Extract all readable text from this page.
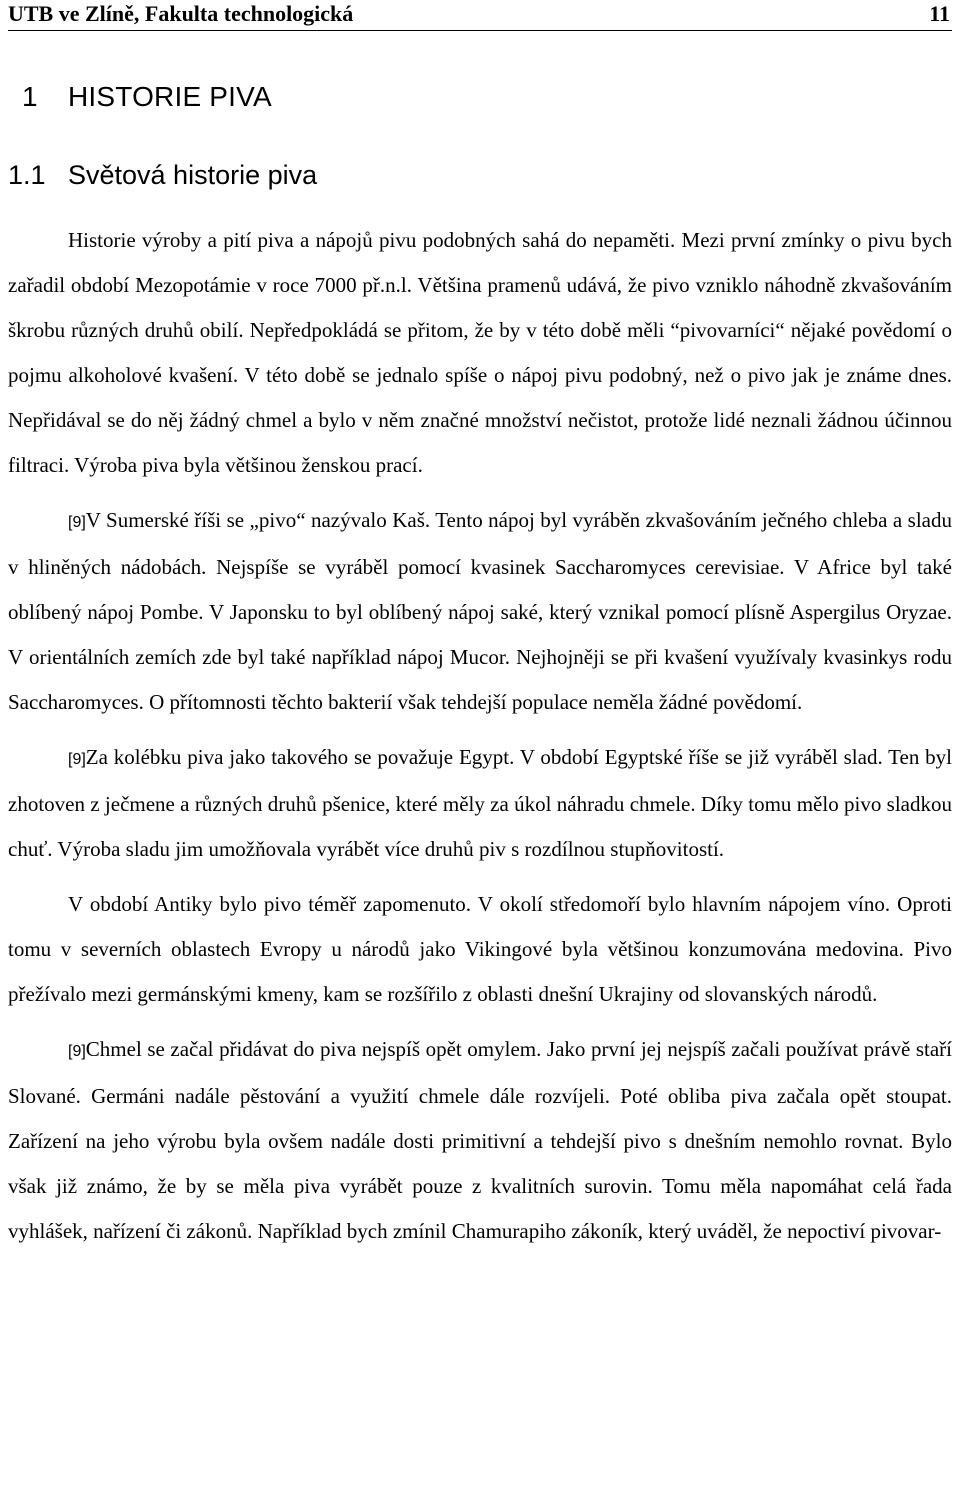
UTB ve Zlíně, Fakulta technologická	11
1 HISTORIE PIVA
1.1 Světová historie piva

Historie výroby a pití piva a nápojů pivu podobných sahá do nepaměti. Mezi první zmínky o pivu bych zařadil období Mezopotámie v roce 7000 př.n.l. Většina pramenů udává, že pivo vzniklo náhodně zkvašováním škrobu různých druhů obilí. Nepředpokládá se přitom, že by v této době měli “pivovarníci“ nějaké povědomí o pojmu alkoholové kvašení. V této době se jednalo spíše o nápoj pivu podobný, než o pivo jak je známe dnes. Nepřidával se do něj žádný chmel a bylo v něm značné množství nečistot, protože lidé neznali žádnou účinnou filtraci. Výroba piva byla většinou ženskou prací.

[9]V Sumerské říši se „pivo“ nazývalo Kaš. Tento nápoj byl vyráběn zkvašováním ječného chleba a sladu v hliněných nádobách. Nejspíše se vyráběl pomocí kvasinek Saccharomyces cerevisiae. V Africe byl také oblíbený nápoj Pombe. V Japonsku to byl oblíbený nápoj saké, který vznikal pomocí plísně Aspergilus Oryzae. V orientálních zemích zde byl také například nápoj Mucor. Nejhojněji se při kvašení využívaly kvasinkys rodu Saccharomyces. O přítomnosti těchto bakterií však tehdejší populace neměla žádné povědomí.

[9]Za kolébku piva jako takového se považuje Egypt. V období Egyptské říše se již vyráběl slad. Ten byl zhotoven z ječmene a různých druhů pšenice, které měly za úkol náhradu chmele. Díky tomu mělo pivo sladkou chuť. Výroba sladu jim umožňovala vyrábět více druhů piv s rozdílnou stupňovitostí.

V období Antiky bylo pivo téměř zapomenuto. V okolí středomoří bylo hlavním nápojem víno. Oproti tomu v severních oblastech Evropy u národů jako Vikingové byla většinou konzumována medovina. Pivo přežívalo mezi germánskými kmeny, kam se rozšířilo z oblasti dnešní Ukrajiny od slovanských národů.

[9]Chmel se začal přidávat do piva nejspíš opět omylem. Jako první jej nejspíš začali používat právě staří Slované. Germáni nadále pěstování a využití chmele dále rozvíjeli. Poté obliba piva začala opět stoupat. Zařízení na jeho výrobu byla ovšem nadále dosti primitivní a tehdejší pivo s dnešním nemohlo rovnat. Bylo však již známo, že by se měla piva vyrábět pouze z kvalitních surovin. Tomu měla napomáhat celá řada vyhlášek, nařízení či zákonů. Například bych zmínil Chamurapiho zákoník, který uváděl, že nepoctiví pivovar-
